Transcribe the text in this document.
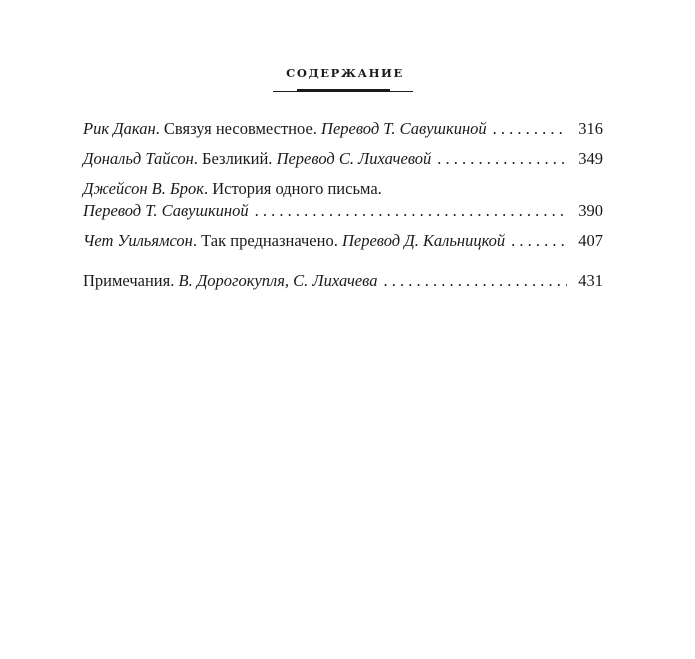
СОДЕРЖАНИЕ
Рик Дакан. Связуя несовместное. Перевод Т. Савушкиной . . .	316
Дональд Тайсон. Безликий. Перевод С. Лихачевой . . .	349
Джейсон В. Брок. История одного письма.
Перевод Т. Савушкиной . . .	390
Чет Уильямсон. Так предназначено. Перевод Д. Кальницкой . . .	407
Примечания. В. Дорогокупля, С. Лихачева . . .	431
